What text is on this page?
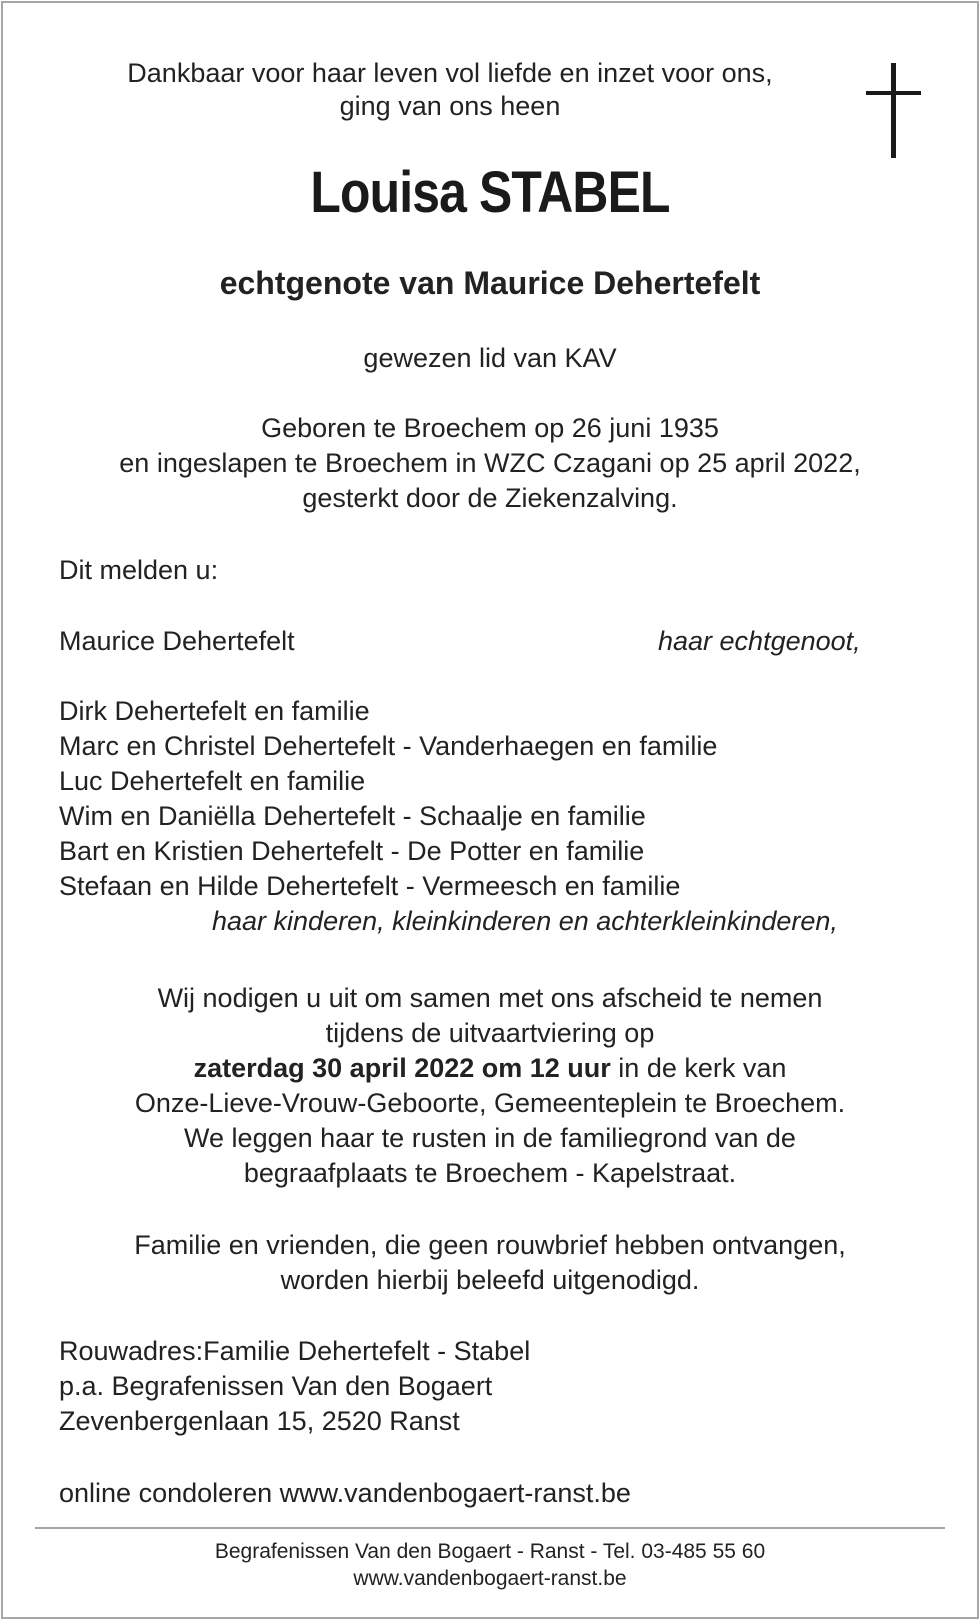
Dankbaar voor haar leven vol liefde en inzet voor ons,
ging van ons heen
Louisa STABEL
echtgenote van Maurice Dehertefelt
gewezen lid van KAV
Geboren te Broechem op 26 juni 1935
en ingeslapen te Broechem in WZC Czagani op 25 april 2022,
gesterkt door de Ziekenzalving.
Dit melden u:
Maurice Dehertefelt	haar echtgenoot,
Dirk Dehertefelt en familie
Marc en Christel Dehertefelt - Vanderhaegen en familie
Luc Dehertefelt en familie
Wim en Daniëlla Dehertefelt - Schaalje en familie
Bart en Kristien Dehertefelt - De Potter en familie
Stefaan en Hilde Dehertefelt - Vermeesch en familie
haar kinderen, kleinkinderen en achterkleinkinderen,
Wij nodigen u uit om samen met ons afscheid te nemen
tijdens de uitvaartviering op
zaterdag 30 april 2022 om 12 uur in de kerk van
Onze-Lieve-Vrouw-Geboorte, Gemeenteplein te Broechem.
We leggen haar te rusten in de familiegrond van de
begraafplaats te Broechem - Kapelstraat.
Familie en vrienden, die geen rouwbrief hebben ontvangen,
worden hierbij beleefd uitgenodigd.
Rouwadres:Familie Dehertefelt - Stabel
p.a. Begrafenissen Van den Bogaert
Zevenbergenlaan 15, 2520 Ranst
online condoleren www.vandenbogaert-ranst.be
Begrafenissen Van den Bogaert - Ranst - Tel. 03-485 55 60
www.vandenbogaert-ranst.be
